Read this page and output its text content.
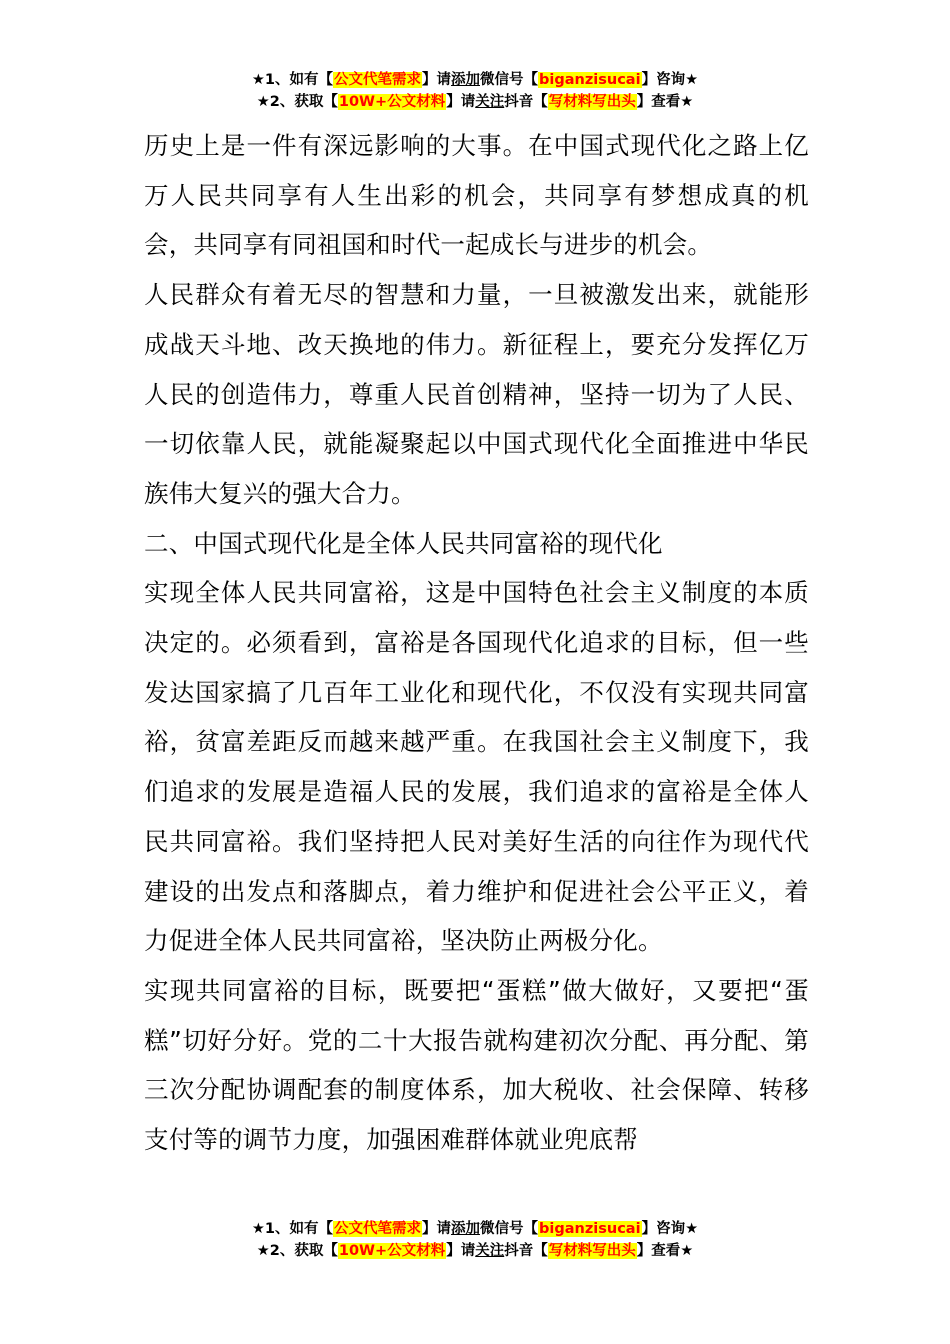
★1、如有【公文代笔需求】请添加微信号【biganzisucai】咨询★
★2、获取【10W+公文材料】请关注抖音【写材料写出头】查看★

历史上是一件有深远影响的大事。在中国式现代化之路上亿万人民共同享有人生出彩的机会，共同享有梦想成真的机会，共同享有同祖国和时代一起成长与进步的机会。

人民群众有着无尽的智慧和力量，一旦被激发出来，就能形成战天斗地、改天换地的伟力。新征程上，要充分发挥亿万人民的创造伟力，尊重人民首创精神，坚持一切为了人民、一切依靠人民，就能凝聚起以中国式现代化全面推进中华民族伟大复兴的强大合力。

二、中国式现代化是全体人民共同富裕的现代化

实现全体人民共同富裕，这是中国特色社会主义制度的本质决定的。必须看到，富裕是各国现代化追求的目标，但一些发达国家搞了几百年工业化和现代化，不仅没有实现共同富裕，贫富差距反而越来越严重。在我国社会主义制度下，我们追求的发展是造福人民的发展，我们追求的富裕是全体人民共同富裕。我们坚持把人民对美好生活的向往作为现代代建设的出发点和落脚点，着力维护和促进社会公平正义，着力促进全体人民共同富裕，坚决防止两极分化。

实现共同富裕的目标，既要把“蛋糕”做大做好，又要把“蛋糕”切好分好。党的二十大报告就构建初次分配、再分配、第三次分配协调配套的制度体系，加大税收、社会保障、转移支付等的调节力度，加强困难群体就业兜底帮

★1、如有【公文代笔需求】请添加微信号【biganzisucai】咨询★
★2、获取【10W+公文材料】请关注抖音【写材料写出头】查看★
